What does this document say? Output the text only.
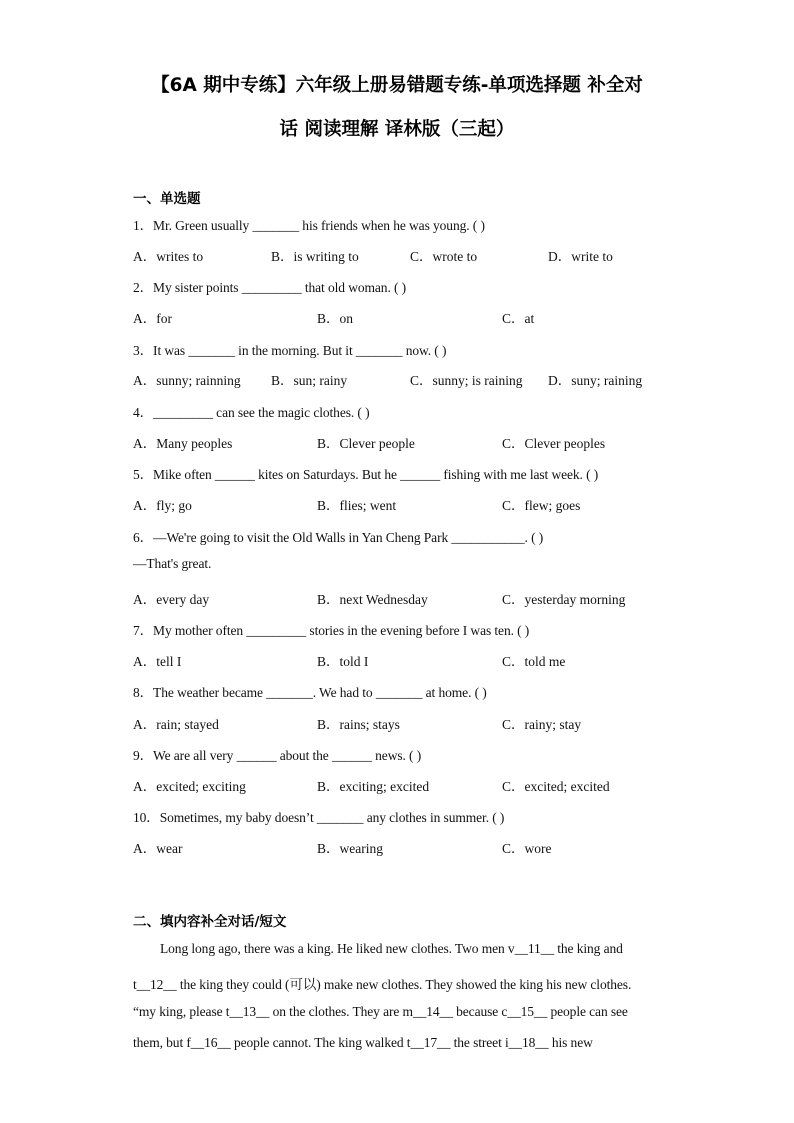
【6A 期中专练】六年级上册易错题专练-单项选择题 补全对
话 阅读理解 译林版（三起）
一、单选题
1．Mr. Green usually _______ his friends when he was young. ( )
A．writes to	B．is writing to	C．wrote to	D．write to
2．My sister points _________ that old woman. ( )
A．for	B．on	C．at
3．It was _______ in the morning. But it _______ now. ( )
A．sunny; rainning B．sun; rainy	C．sunny; is raining D．suny; raining
4．_________ can see the magic clothes. ( )
A．Many peoples	B．Clever people	C．Clever peoples
5．Mike often ______ kites on Saturdays. But he ______ fishing with me last week. ( )
A．fly; go	B．flies; went	C．flew; goes
6．—We're going to visit the Old Walls in Yan Cheng Park ___________. ( )
—That's great.
A．every day	B．next Wednesday	C．yesterday morning
7．My mother often _________ stories in the evening before I was ten. ( )
A．tell I	B．told I	C．told me
8．The weather became _______. We had to _______ at home. ( )
A．rain; stayed	B．rains; stays	C．rainy; stay
9．We are all very ______ about the ______ news. ( )
A．excited; exciting	B．exciting; excited	C．excited; excited
10．Sometimes, my baby doesn’t _______ any clothes in summer. ( )
A．wear	B．wearing	C．wore
二、填内容补全对话/短文
Long long ago, there was a king. He liked new clothes. Two men v__11__ the king and
t__12__ the king they could (可以) make new clothes. They showed the king his new clothes.
“my king, please t__13__ on the clothes. They are m__14__ because c__15__ people can see
them, but f__16__ people cannot. The king walked t__17__ the street i__18__ his new
